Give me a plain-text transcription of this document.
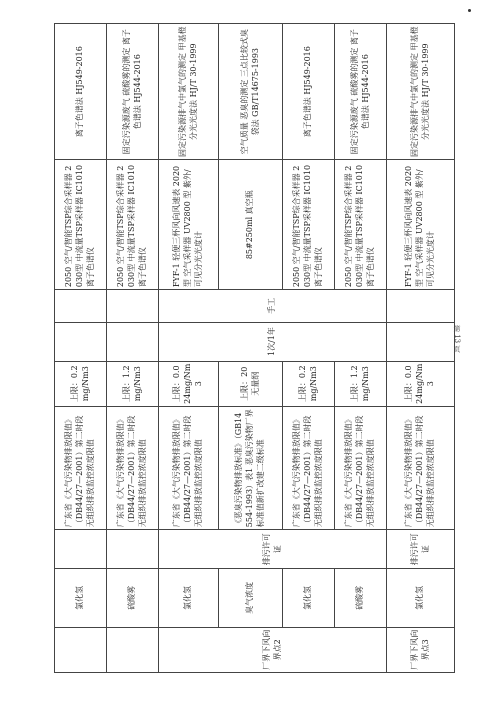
第 13 页
	氯化氢		广东省《大气污染物排放限值》（DB44/27—2001）第二时段无组织排放监控浓度限值	上限：0.2mg/Nm3			2050 空气/智能TSP综合采样器 2030型 中流量TSP采样器 IC1010 离子色谱仪	离子色谱法 HJ549-2016
	硫酸雾		广东省《大气污染物排放限值》（DB44/27—2001）第二时段无组织排放监控浓度限值	上限：1.2mg/Nm3			2050 空气/智能TSP综合采样器 2030型 中流量TSP采样器 IC1010 离子色谱仪	固定污染源废气 硫酸雾的测定 离子色谱法 HJ544-2016
厂界下风向界点2	氯化氢	排污许可证	广东省《大气污染物排放限值》（DB44/27—2001）第二时段无组织排放监控浓度限值	上限：0.024mg/Nm3	1次/1年	手工	FYF-1 轻便三杯风向风速表 2020型 空气采样器 UV2800 型 紫外/可见分光光度计	固定污染源排气中氯气的测定 甲基橙分光光度法 HJ/T 30-1999
	臭气浓度		《恶臭污染物排放标准》（GB14554-1993）表1 恶臭污染物厂界标准值新扩改建二级标准	上限：20无量纲			85#250ml 真空瓶	空气质量 恶臭的测定 三点比较式臭袋法 GB/T14675-1993
	氯化氢		广东省《大气污染物排放限值》（DB44/27—2001）第二时段无组织排放监控浓度限值	上限：0.2mg/Nm3			2050 空气/智能TSP综合采样器 2030型 中流量TSP采样器 IC1010 离子色谱仪	离子色谱法 HJ549-2016
	硫酸雾		广东省《大气污染物排放限值》（DB44/27—2001）第二时段无组织排放监控浓度限值	上限：1.2mg/Nm3			2050 空气/智能TSP综合采样器 2030型 中流量TSP采样器 IC1010 离子色谱仪	固定污染源废气 硫酸雾的测定 离子色谱法 HJ544-2016
厂界下风向界点3	氯化氢	排污许可证	广东省《大气污染物排放限值》（DB44/27—2001）第二时段无组织排放监控浓度限值	上限：0.024mg/Nm3			FYF-1 轻便三杯风向风速表 2020型 空气采样器 UV2800 型 紫外/可见分光光度计	固定污染源排气中氯气的测定 甲基橙分光光度法 HJ/T 30-1999
